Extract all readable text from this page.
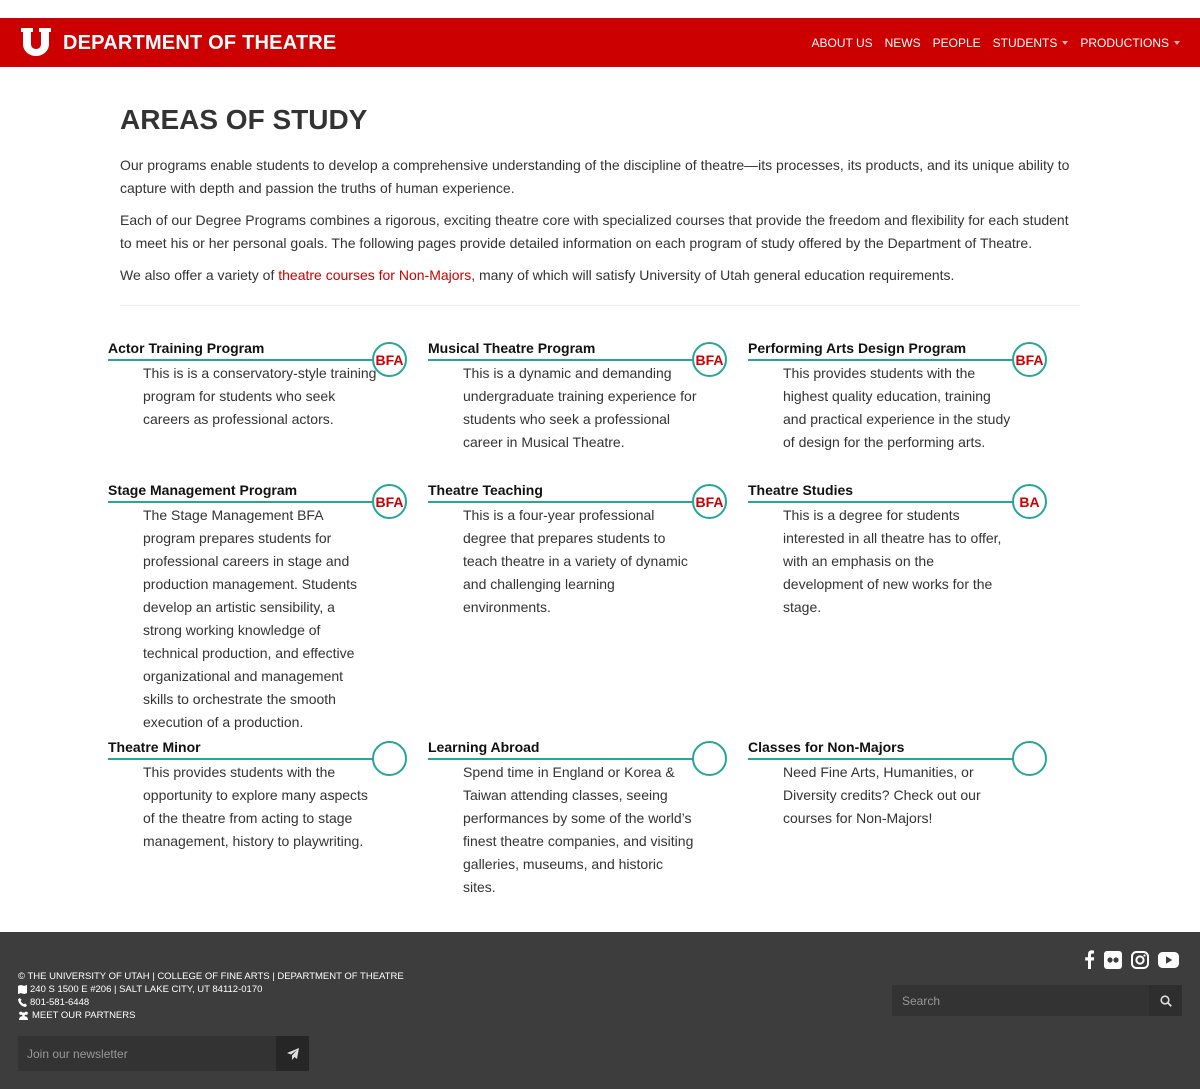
DEPARTMENT OF THEATRE	ABOUT US NEWS PEOPLE STUDENTS PRODUCTIONS
AREAS OF STUDY

Our programs enable students to develop a comprehensive understanding of the discipline of theatre—its processes, its products, and its unique ability to capture with depth and passion the truths of human experience.

Each of our Degree Programs combines a rigorous, exciting theatre core with specialized courses that provide the freedom and flexibility for each student to meet his or her personal goals. The following pages provide detailed information on each program of study offered by the Department of Theatre.

We also offer a variety of theatre courses for Non-Majors, many of which will satisfy University of Utah general education requirements.

Actor Training Program
BFA
This is is a conservatory-style training program for students who seek careers as professional actors.
Musical Theatre Program
BFA
This is a dynamic and demanding undergraduate training experience for students who seek a professional career in Musical Theatre.
Performing Arts Design Program
BFA
This provides students with the highest quality education, training and practical experience in the study of design for the performing arts.
Stage Management Program
BFA
The Stage Management BFA program prepares students for professional careers in stage and production management. Students develop an artistic sensibility, a strong working knowledge of technical production, and effective organizational and management skills to orchestrate the smooth execution of a production.
Theatre Teaching
BFA
This is a four-year professional degree that prepares students to teach theatre in a variety of dynamic and challenging learning environments.
Theatre Studies
BA
This is a degree for students interested in all theatre has to offer, with an emphasis on the development of new works for the stage.
Theatre Minor
This provides students with the opportunity to explore many aspects of the theatre from acting to stage management, history to playwriting.
Learning Abroad
Spend time in England or Korea & Taiwan attending classes, seeing performances by some of the world’s finest theatre companies, and visiting galleries, museums, and historic sites.
Classes for Non-Majors
Need Fine Arts, Humanities, or Diversity credits? Check out our courses for Non-Majors!
© THE UNIVERSITY OF UTAH | COLLEGE OF FINE ARTS | DEPARTMENT OF THEATRE
240 S 1500 E #206 | SALT LAKE CITY, UT 84112-0170
801-581-6448
MEET OUR PARTNERS
Join our newsletter
Search
